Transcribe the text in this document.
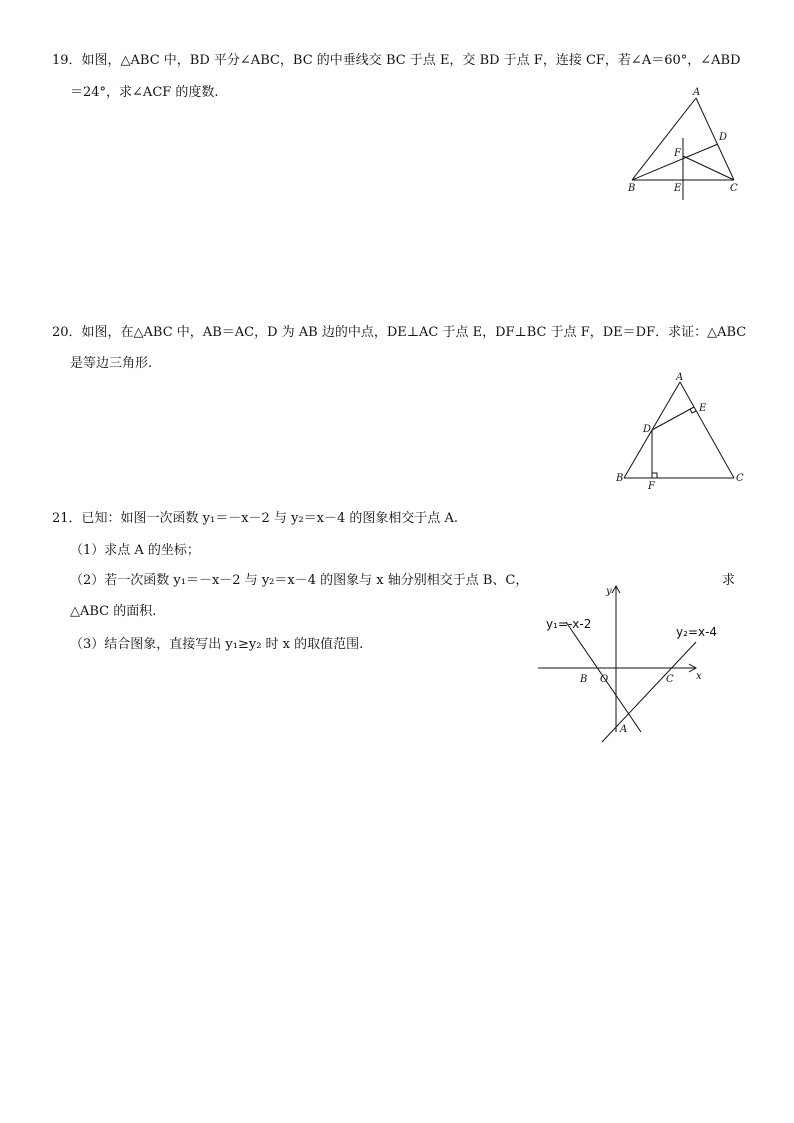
19．如图，△ABC 中，BD 平分∠ABC，BC 的中垂线交 BC 于点 E，交 BD 于点 F，连接 CF，若∠A＝60°，∠ABD
＝24°，求∠ACF 的度数.	A
D
F
B	E	C
20．如图，在△ABC 中，AB＝AC，D 为 AB 边的中点，DE⊥AC 于点 E，DF⊥BC 于点 F，DE＝DF．求证：△ABC
是等边三角形.
A
E
D
B
F
C
21．已知：如图一次函数 y₁＝－x－2 与 y₂＝x－4 的图象相交于点 A.
（1）求点 A 的坐标；
（2）若一次函数 y₁＝－x－2 与 y₂＝x－4 的图象与 x 轴分别相交于点 B、C，	求
△ABC 的面积.
（3）结合图象，直接写出 y₁≥y₂ 时 x 的取值范围.
y₁=-x-2
y₂=x-4
y
x
B O	C
A
